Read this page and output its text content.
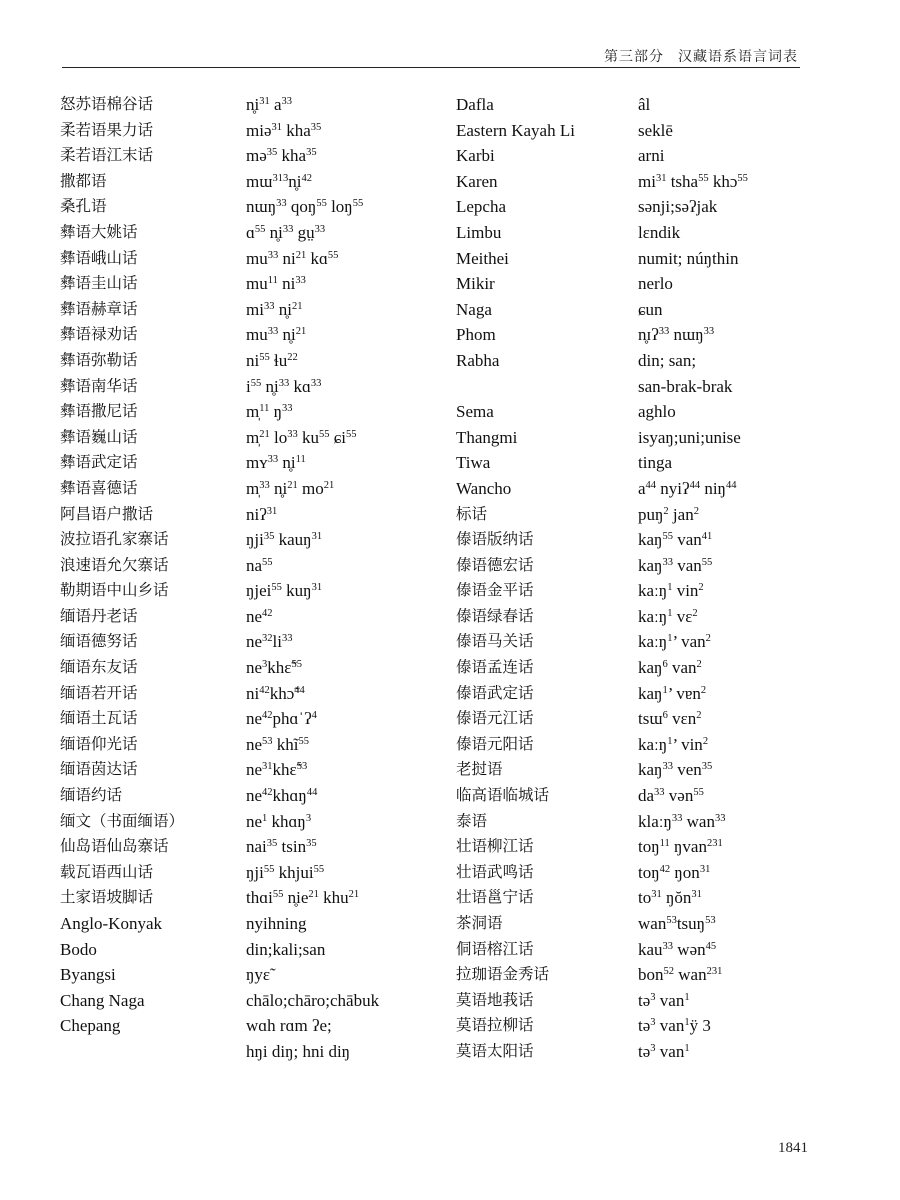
第三部分 汉藏语系语言词表
怒苏语棉谷话
柔若语果力话
柔若语江末话
撒都语
桑孔语
彝语大姚话
彝语峨山话
彝语圭山话
彝语赫章话
彝语禄劝话
彝语弥勒话
彝语南华话
彝语撒尼话
彝语巍山话
彝语武定话
彝语喜德话
阿昌语户撒话
波拉语孔家寨话
浪速语允欠寨话
勒期语中山乡话
缅语丹老话
缅语德努话
缅语东友话
缅语若开话
缅语土瓦话
缅语仰光话
缅语茵达话
缅语约话
缅文（书面缅语）
仙岛语仙岛寨话
载瓦语西山话
土家语坡脚话
Anglo-Konyak
Bodo
Byangsi
Chang Naga
Chepang
$n̥i^{31}$ $a^{33}$
miə$^{31}$ kha$^{35}$
mə$^{35}$ kha$^{35}$
$mɯ^{313}n̥i^{42}$
nɯŋ$^{33}$ qoŋ$^{55}$ loŋ$^{55}$
ɑ$^{55}$ $n̥i^{33}$ gṳ$^{33}$
$mu^{33}$ $ni^{21}$ kɑ$^{55}$
$mu^{11}$ $ni^{33}$
$mi^{33}$ $n̥i^{21}$
$mu^{33}$ $n̥i^{21}$
$ni^{55}$ ɬu$^{22}$
$i^{55}$ $n̥i^{33}$ kɑ$^{33}$
m̩$^{11}$ $ŋ^{33}$
m̩$^{21}$ $lo^{33}$ $ku^{55}$ ɕi$^{55}$
mʏ$^{33}$ $n̥i^{11}$
m̩$^{33}$ $n̥i^{21}$ $mo^{21}$
niʔ$^{31}$
ŋji$^{35}$ kauŋ$^{31}$
$na^{55}$
ŋjei$^{55}$ kuŋ$^{31}$
$ne^{42}$
$ne^{32}li^{33}$
$ne^3khɛ̃^{55}$
$ni^{42}khɔ̃^{44}$
$ne^{42}phɑˈʔ^4$
$ne^{53}$ khĩ$^{55}$
$ne^{31}khɛ̃^{53}$
$ne^{42}khɑŋ^{44}$
$ne^1$ khɑŋ$^3$
nai$^{35}$ tsin$^{35}$
ŋji$^{55}$ khjui$^{55}$
thɑi$^{55}$ $n̥ie^{21}$ khu$^{21}$
nyihning
din;kali;san
ŋyɛ̃
chālo;chāro;chābuk
wɑh rɑm ʔe;
hŋi diŋ; hni diŋ
Dafla
Eastern Kayah Li
Karbi
Karen
Lepcha
Limbu
Meithei
Mikir
Naga
Phom
Rabha
Sema
Thangmi
Tiwa
Wancho
标话
傣语版纳话
傣语德宏话
傣语金平话
傣语绿春话
傣语马关话
傣语孟连话
傣语武定话
傣语元江话
傣语元阳话
老挝语
临高语临城话
泰语
壮语柳江话
壮语武鸣话
壮语邕宁话
茶洞语
侗语榕江话
拉珈语金秀话
莫语地莪话
莫语拉柳话
莫语太阳话
âl
seklē
arni
$mi^{31}$ tsha$^{55}$ khɔ$^{55}$
sənji;səʔjak
lɛndik
numit; núŋthin
nerlo
ɕun
n̥ɪʔ$^{33}$ nɯŋ$^{33}$
din; san;
san-brak-brak
aghlo
isyaŋ;uni;unise
tinga
$a^{44}$ nyiʔ$^{44}$ niŋ$^{44}$
puŋ$^2$ jan$^2$
kaŋ$^{55}$ van$^{41}$
kaŋ$^{33}$ van$^{55}$
kaːŋ$^1$ vin$^2$
kaːŋ$^1$ vɛ$^2$
kaːŋ$^1$’ van$^2$
kaŋ$^6$ van$^2$
kaŋ$^1$’ vɐn$^2$
tsɯ$^6$ vɛn$^2$
kaːŋ$^1$’ vin$^2$
kaŋ$^{33}$ ven$^{35}$
$da^{33}$ vən$^{55}$
klaːŋ$^{33}$ wan$^{33}$
toŋ$^{11}$ ŋvan$^{231}$
toŋ$^{42}$ ŋon$^{31}$
$to^{31}$ ŋŏn$^{31}$
wan$^{53}$tsuŋ$^{53}$
kau$^{33}$ wən$^{45}$
bon$^{52}$ wan$^{231}$
tə$^3$ van$^1$
tə$^3$ van$^1$ÿ 3
tə$^3$ van$^1$
1841
